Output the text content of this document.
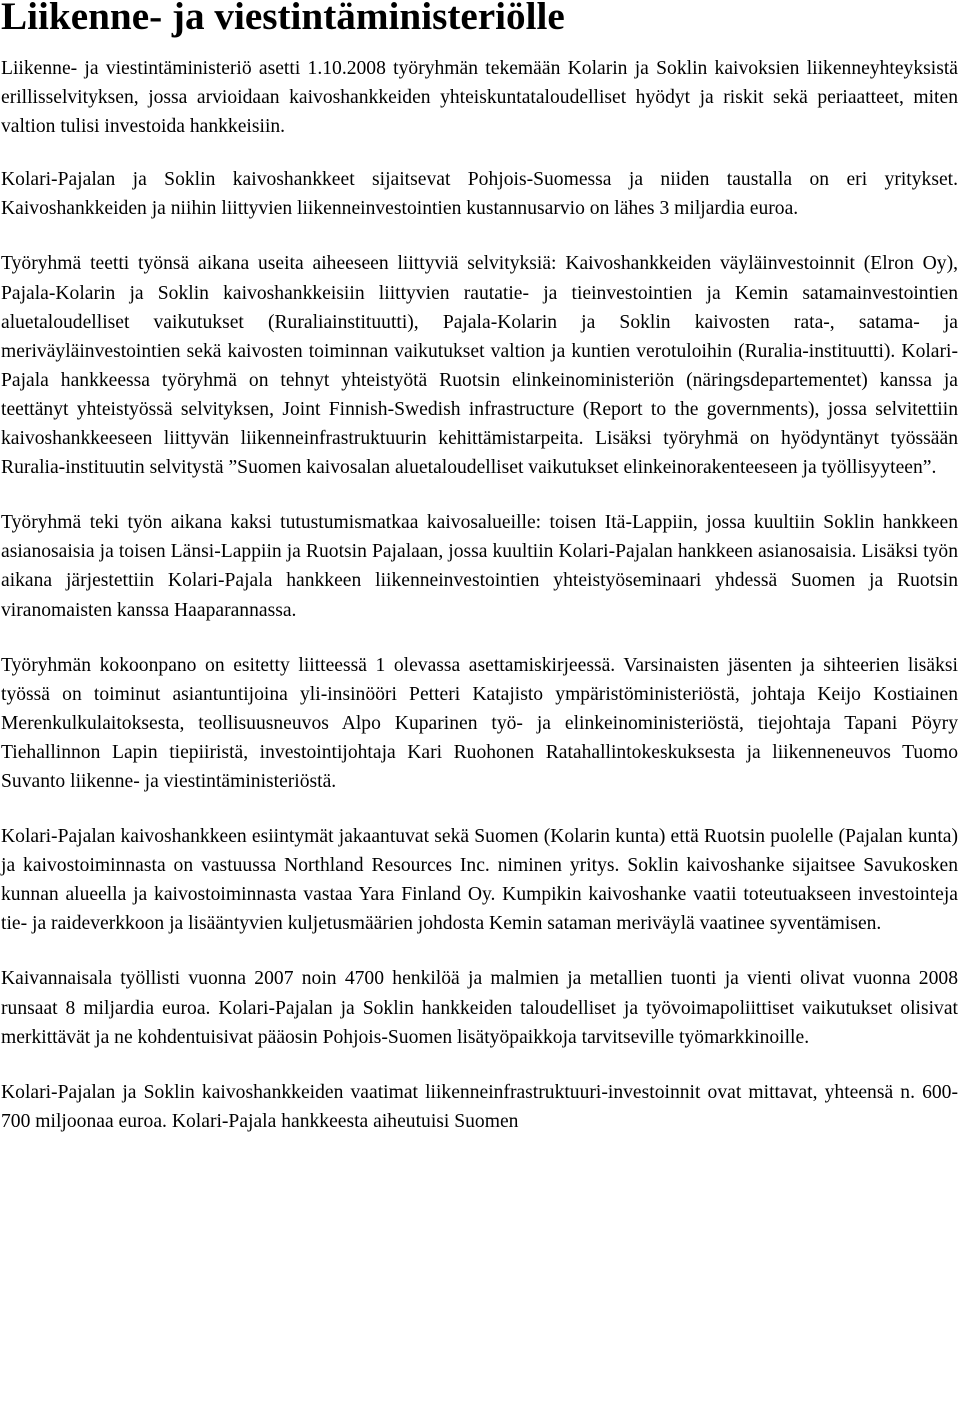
Liikenne- ja viestintäministeriölle

Liikenne- ja viestintäministeriö asetti 1.10.2008 työryhmän tekemään Kolarin ja Soklin kaivoksien liikenneyhteyksistä erillisselvityksen, jossa arvioidaan kaivoshankkeiden yhteiskuntataloudelliset hyödyt ja riskit sekä periaatteet, miten valtion tulisi investoida hankkeisiin.

Kolari-Pajalan ja Soklin kaivoshankkeet sijaitsevat Pohjois-Suomessa ja niiden taustalla on eri yritykset. Kaivoshankkeiden ja niihin liittyvien liikenneinvestointien kustannusarvio on lähes 3 miljardia euroa.

Työryhmä teetti työnsä aikana useita aiheeseen liittyviä selvityksiä: Kaivoshankkeiden väyläinvestoinnit (Elron Oy), Pajala-Kolarin ja Soklin kaivoshankkeisiin liittyvien rautatie- ja tieinvestointien ja Kemin satamainvestointien aluetaloudelliset vaikutukset (Ruraliainstituutti), Pajala-Kolarin ja Soklin kaivosten rata-, satama- ja meriväyläinvestointien sekä kaivosten toiminnan vaikutukset valtion ja kuntien verotuloihin (Ruralia-instituutti). Kolari-Pajala hankkeessa työryhmä on tehnyt yhteistyötä Ruotsin elinkeinoministeriön (näringsdepartementet) kanssa ja teettänyt yhteistyössä selvityksen, Joint Finnish-Swedish infrastructure (Report to the governments), jossa selvitettiin kaivoshankkeeseen liittyvän liikenneinfrastruktuurin kehittämistarpeita. Lisäksi työryhmä on hyödyntänyt työssään Ruralia-instituutin selvitystä ”Suomen kaivosalan aluetaloudelliset vaikutukset elinkeinorakenteeseen ja työllisyyteen”.

Työryhmä teki työn aikana kaksi tutustumismatkaa kaivosalueille: toisen Itä-Lappiin, jossa kuultiin Soklin hankkeen asianosaisia ja toisen Länsi-Lappiin ja Ruotsin Pajalaan, jossa kuultiin Kolari-Pajalan hankkeen asianosaisia. Lisäksi työn aikana järjestettiin Kolari-Pajala hankkeen liikenneinvestointien yhteistyöseminaari yhdessä Suomen ja Ruotsin viranomaisten kanssa Haaparannassa.

Työryhmän kokoonpano on esitetty liitteessä 1 olevassa asettamiskirjeessä. Varsinaisten jäsenten ja sihteerien lisäksi työssä on toiminut asiantuntijoina yli-insinööri Petteri Katajisto ympäristöministeriöstä, johtaja Keijo Kostiainen Merenkulkulaitoksesta, teollisuusneuvos Alpo Kuparinen työ- ja elinkeinoministeriöstä, tiejohtaja Tapani Pöyry Tiehallinnon Lapin tiepiiristä, investointijohtaja Kari Ruohonen Ratahallintokeskuksesta ja liikenneneuvos Tuomo Suvanto liikenne- ja viestintäministeriöstä.

Kolari-Pajalan kaivoshankkeen esiintymät jakaantuvat sekä Suomen (Kolarin kunta) että Ruotsin puolelle (Pajalan kunta) ja kaivostoiminnasta on vastuussa Northland Resources Inc. niminen yritys. Soklin kaivoshanke sijaitsee Savukosken kunnan alueella ja kaivostoiminnasta vastaa Yara Finland Oy. Kumpikin kaivoshanke vaatii toteutuakseen investointeja tie- ja raideverkkoon ja lisääntyvien kuljetusmäärien johdosta Kemin sataman meriväylä vaatinee syventämisen.

Kaivannaisala työllisti vuonna 2007 noin 4700 henkilöä ja malmien ja metallien tuonti ja vienti olivat vuonna 2008 runsaat 8 miljardia euroa. Kolari-Pajalan ja Soklin hankkeiden taloudelliset ja työvoimapoliittiset vaikutukset olisivat merkittävät ja ne kohdentuisivat pääosin Pohjois-Suomen lisätyöpaikkoja tarvitseville työmarkkinoille.

Kolari-Pajalan ja Soklin kaivoshankkeiden vaatimat liikenneinfrastruktuuri-investoinnit ovat mittavat, yhteensä n. 600-700 miljoonaa euroa. Kolari-Pajala hankkeesta aiheutuisi Suomen
